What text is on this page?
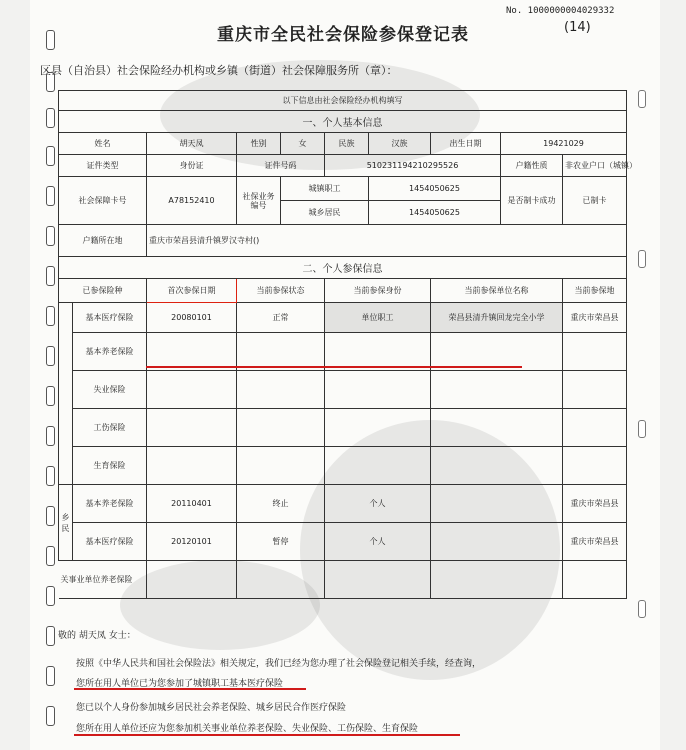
No. 1000000004029332
(14)
重庆市全民社会保险参保登记表
区县（自治县）社会保险经办机构或乡镇（街道）社会保障服务所（章）：
以下信息由社会保险经办机构填写
一、个人基本信息
姓名	胡天凤	性别	女	民族	汉族	出生日期	19421029
证件类型	身份证	证件号码	510231194210295526	户籍性质	非农业户口（城镇）
社会保障卡号	A78152410	社保业务编号	城镇职工	1454050625	是否制卡成功	已制卡
城乡居民	1454050625
户籍所在地	重庆市荣昌县清升镇罗汉寺村()
二、个人参保信息
已参保险种	首次参保日期	当前参保状态	当前参保身份	当前参保单位名称	当前参保地
	基本医疗保险	20080101	正常	单位职工	荣昌县清升镇回龙完全小学	重庆市荣昌县
基本养老保险					
失业保险					
工伤保险					
生育保险					
乡民	基本养老保险	20110401	终止	个人		重庆市荣昌县
基本医疗保险	20120101	暂停	个人		重庆市荣昌县
关事业单位养老保险					
敬的 胡天凤 女士：
按照《中华人民共和国社会保险法》相关规定，我们已经为您办理了社会保险登记相关手续，经查询，
您所在用人单位已为您参加了城镇职工基本医疗保险
您已以个人身份参加城乡居民社会养老保险、城乡居民合作医疗保险
您所在用人单位还应为您参加机关事业单位养老保险、失业保险、工伤保险、生育保险
